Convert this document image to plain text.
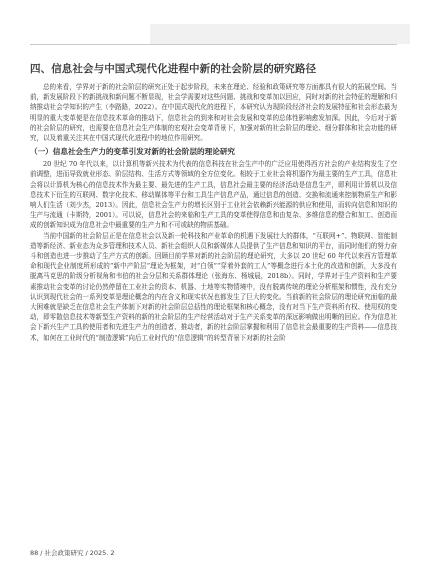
四、信息社会与中国式现代化进程中新的社会阶层的研究路径

总的来看，学界对于新的社会阶层的研究正处于起步阶段，未来在理论、经验和政策研究等方面都具有很大的拓展空间。当前，新发展阶段下的新挑战和新问题不断显现，社会学需要对这些问题、挑战和变革加以回应，同时对新的社会特征的理解和归纳推动社会学知识的产生（李路路，2022）。在中国式现代化的进程下，本研究认为现阶段经济社会的发展特征和社会形态最为明显的重大变革便是在信息技术革命的推动下，信息社会的到来和对社会发展和变革的总体性影响愈发加深。因此，今后对于新的社会阶层的研究，也需要在信息社会生产体制的宏观社会变革背景下，加强对新的社会阶层的理论、细分群体和社会功能的研究，以及着重关注其在中国式现代化进程中的地位作用研究。

（一）信息社会生产力的变革引发对新的社会阶层的理论研究

20 世纪 70 年代以来，以计算机等新兴技术为代表的信息科技在社会生产中的广泛应用使得西方社会的产业结构发生了空前调整，进而导致就业形态、阶层结构、生活方式等领域的全方位变化。相较于工业社会将机器作为最主要的生产工具，信息社会将以计算机为核心的信息技术作为最主要、最先进的生产工具，信息社会最主要的经济活动是信息生产，即利用计算机以及信息技术下衍生的互联网、数字化技术、移动媒体等平台和工具生产信息产品，通过信息的创造、交换和流通来控制物质生产和影响人们生活（刘少杰，2013）。因此，信息社会生产力的增长区别于工业社会依赖新兴能源的供应和使用，而转向信息和知识的生产与流通（卡斯特，2001）。可以说，信息社会的来临和生产工具的变革使得信息和由复杂、多维信息的整合和加工、创造而成的创新知识成为信息社会中最重要的生产力和不可或缺的物质基础。

当前中国新的社会阶层正是在信息社会以及新一轮科技和产业革命的机遇下发展壮大的群体，“互联网+”、物联网、智能制造等新经济、新业态为众多管理和技术人员、新社会组织人员和新媒体人员提供了生产信息和知识的平台，而同时他们的努力奋斗和创造也进一步推动了生产方式的创新。回顾目前学界对新的社会阶层的理论研究，大多以 20 世纪 60 年代以来西方管理革命和现代企业制度所形成的“新中产阶层”理论为框架，对“白领”“穿着外套的工人”等概念进行本土化的改造和创新，大多没有脱离马克思的阶级分析视角和韦伯的社会分层和关系群体理论（张海东、杨城晨，2018b）。同时，学界对于生产资料和生产要素推动社会变革的讨论仍然停留在工业社会的资本、机器、土地等实物情境中，没有脱离传统的理论分析框架和惯性，没有充分认识到现代社会的一系列变革是理论概念的内在含义和现实状况也都发生了巨大的变化。当前新的社会阶层的理论研究面临的最大困难就是缺乏在信息社会生产体制下对新的社会阶层总括性的理论框架和核心概念，没有对当下生产资料所有权、使用权的变动，即零散信息技术等新型生产资料的新的社会阶层的生产经营活动对于生产关系变革的深远影响做出明晰的回应。作为信息社会下新兴生产工具的使用者和先进生产力的创造者、推动者，新的社会阶层掌握和利用了信息社会最重要的生产资料——信息技术，如何在工业时代的“制造逻辑”向后工业时代的“信息逻辑”的转型背景下对新的社会阶

88 / 社会政策研究 / 2025. 2
